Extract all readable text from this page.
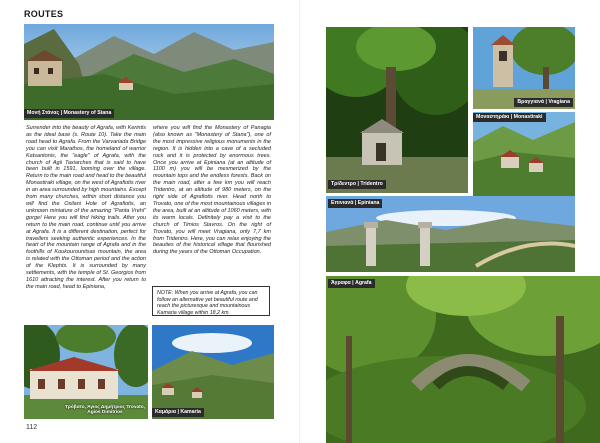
ROUTES
Μονή Στάνας | Monastery of Stana

Surrender into the beauty of Agrafa, with Kerintis as the ideal base (s. Route 10). Take the main road head to Agrafa. From the Varvariada Bridge you can visit Marathos, the homeland of warrior Katsantonis, the "eagle" of Agrafa, with the church of Agii Taxiarches that is said to have been built in 1591, looming over the village. Return to the main road and head to the beautiful Monastiraki village, on the west of Agrafiotis river in an area surrounded by high mountains. Except from many churches, within short distance you will find the Oxilani Hole of Agrafiotis, an unknown miniature of the amazing "Panta Vrehi" gorge! Here you will find hiking trails. After you return to the main road, continue until you arrive at Agrafa. It is a different destination, perfect for travellers seeking authentic experiences. In the heart of the mountain range of Agrafa and in the foothills of Koukourounitsas mountain, the area is related with the Ottoman period and the action of the Klephts. It is surrounded by many settlements, with the temple of St. Georgios from 1610 attracting the interest. After you return to the main road, head to Epiniana,

where you will find the Monastery of Panagia (also known as "Monastery of Stana"), one of the most impressive religious monuments in the region. It is hidden into a cave of a secluded rock and it is protected by enormous trees. Once you arrive at Epiniana (at an altitude of 1100 m) you will be mesmerized by the mountain tops and the endless forests. Back on the main road, after a few km you will reach Tridentro, at an altitude of 980 meters, on the right side of Agrafiotis river. Head north to Trovato, one of the most mountainous villages in the area, built at an altitude of 1060 meters, with its warm locals. Definitely pay a visit to the church of Timios Stavros. On the right of Trovato, you will meet Vragiana, only 7,7 km from Tridentro. Here, you can relax enjoying the beauties of the historical village that flourished during the years of the Ottoman Occupation.

NOTE: When you arrive at Agrafa, you can follow an alternative yet beautiful route and reach the picturesque and mountainous Kamaria village within 18,2 km.
Τρόβατο, Άγιος Δημήτριος Trovato, Agiοs Dimitrios	Καμάρια | Kamaria
112
Τρίδεντρο | Tridentro
Βραγγιανά | Vragiana
Μοναστηράκι | Monastiraki
Επινιανά | Epiniana
Άγραφα | Agrafa
